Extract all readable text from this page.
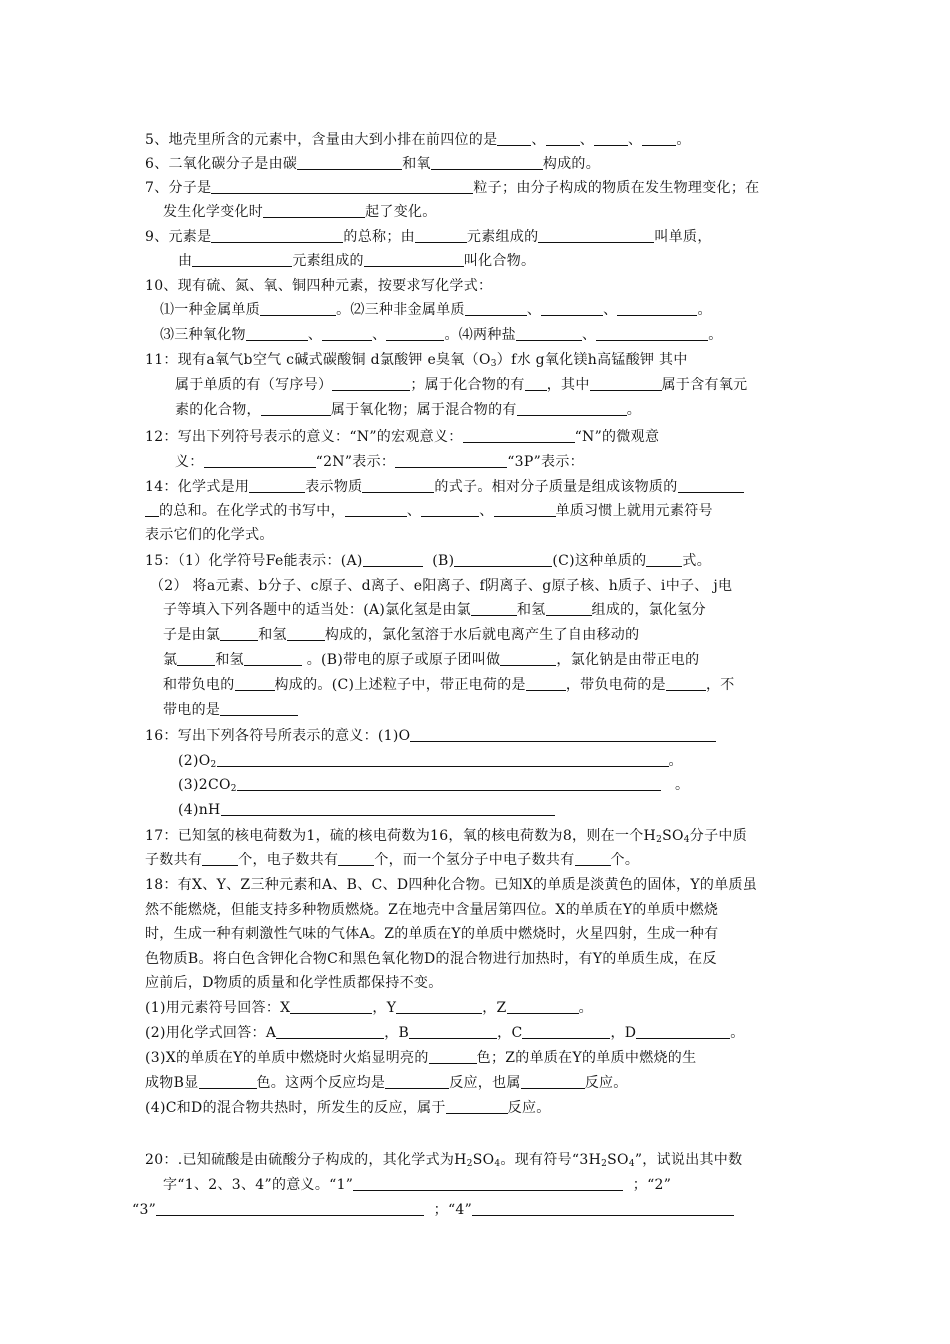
5、地壳里所含的元素中，含量由大到小排在前四位的是 、 、 、 。
6、二氧化碳分子是由碳	和氧	构成的。
7、分子是	粒子；由分子构成的物质在发生物理变化；在
发生化学变化时	起了变化。
9、元素是	的总称；由	元素组成的	叫单质，
由	元素组成的	叫化合物。
10、现有硫、氮、氧、铜四种元素，按要求写化学式：
⑴一种金属单质	。⑵三种非金属单质	、	、	。
⑶三种氧化物	、	、	。⑷两种盐	、	。
11：现有a氧气b空气 c碱式碳酸铜 d氯酸钾 e臭氧$(O_3)f$水 g氧化镁h高锰酸钾 其中
属于单质的有（写序号）	；属于化合物的有 ，其中	属于含有氧元
素的化合物，	属于氧化物；属于混合物的有	。
12：写出下列符号表示的意义：“N”的宏观意义：	“N”的微观意
义：	“2N”表示：	“3P”表示：
14：化学式是用	表示物质	的式子。相对分子质量是组成该物质的
的总和。在化学式的书写中，	、	、	单质习惯上就用元素符号
表示它们的化学式。
15：（1）化学符号Fe能表示：(A)	(B)	(C)这种单质的	式。
（2） 将a元素、b分子、c原子、d离子、e阳离子、f阴离子、g原子核、h质子、i中子、 j电
子等填入下列各题中的适当处：(A)氯化氢是由氯	和氢	组成的，氯化氢分
子是由氯	和氢	构成的，氯化氢溶于水后就电离产生了自由移动的
氯	和氢	。(B)带电的原子或原子团叫做	，氯化钠是由带正电的
和带负电的	构成的。(C)上述粒子中，带正电荷的是	，带负电荷的是	，不
带电的是
16：写出下列各符号所表示的意义：(1)O
$(2)O_2$	。
$(3)2CO_2$	。
(4)nH
17：已知氢的核电荷数为1，硫的核电荷数为16，氧的核电荷数为8，则在一个$H_2SO_4$分子中质
子数共有	个，电子数共有	个，而一个氢分子中电子数共有	个。
18：有X、Y、Z三种元素和A、B、C、D四种化合物。已知X的单质是淡黄色的固体，Y的单质虽
然不能燃烧，但能支持多种物质燃烧。Z在地壳中含量居第四位。X的单质在Y的单质中燃烧
时，生成一种有刺激性气味的气体A。Z的单质在Y的单质中燃烧时，火星四射，生成一种有
色物质B。将白色含钾化合物C和黑色氧化物D的混合物进行加热时，有Y的单质生成，在反
应前后，D物质的质量和化学性质都保持不变。
(1)用元素符号回答：X	，Y	，Z	。
(2)用化学式回答：A	，B	，C	，D	。
(3)X的单质在Y的单质中燃烧时火焰显明亮的	色；Z的单质在Y的单质中燃烧的生
成物B显	色。这两个反应均是	反应，也属	反应。
(4)C和D的混合物共热时，所发生的反应，属于	反应。
20：.已知硫酸是由硫酸分子构成的，其化学式为$H_2SO_4$。现有符号“$3H_2SO_4$”，试说出其中数
字“1、2、3、4”的意义。“1”	；“2”
“3”	；“4”
